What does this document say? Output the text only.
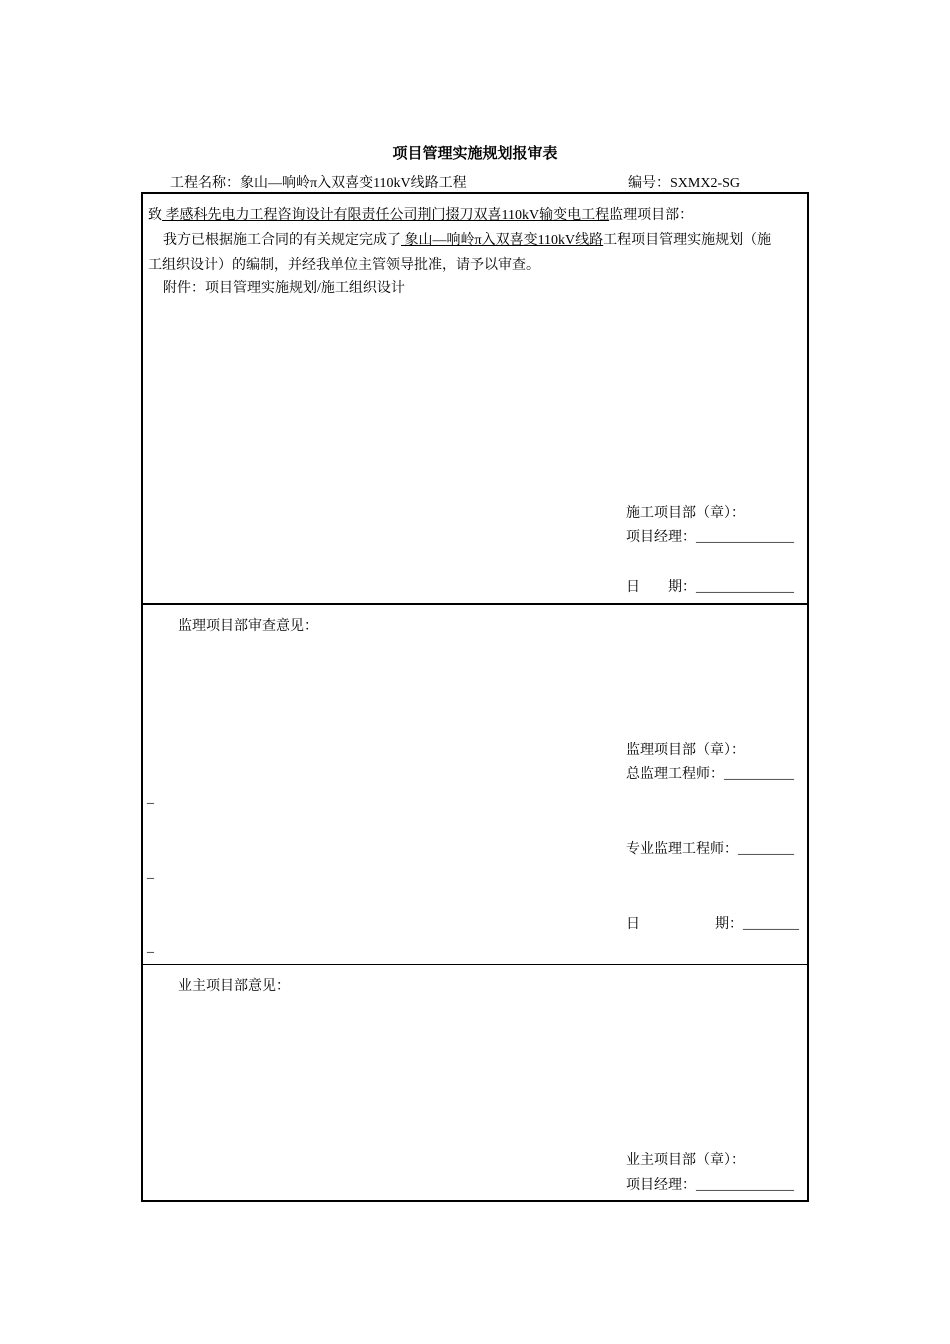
项目管理实施规划报审表
工程名称：象山—响岭π入双喜变110kV线路工程	编号：SXMX2-SG
致 孝感科先电力工程咨询设计有限责任公司荆门掇刀双喜110kV输变电工程监理项目部：
我方已根据施工合同的有关规定完成了 象山—响岭π入双喜变110kV线路工程项目管理实施规划（施
工组织设计）的编制，并经我单位主管领导批准，请予以审查。
附件：项目管理实施规划/施工组织设计
施工项目部（章）：
项目经理：______________
日 期：______________
监理项目部审查意见：
监理项目部（章）：
总监理工程师：__________
_
专业监理工程师：________
_
日	期：________
_
业主项目部意见：
业主项目部（章）：
项目经理：______________
